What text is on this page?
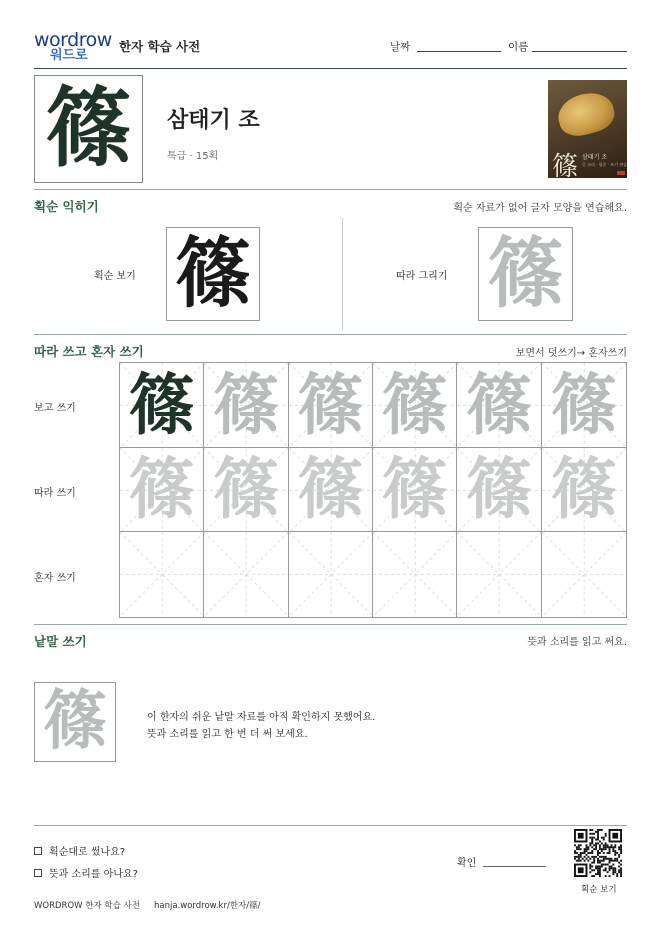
wordrow
워드로
한자 학습 사전	날짜	이름
篠 삼태기 조
특급 · 15획	篠 삼태기 조
뜻 소리 · 필순 · 쓰기 연습
획순 익히기	획순 자료가 없어 글자 모양을 연습해요.
획순 보기 篠	따라 그리기 篠
따라 쓰고 혼자 쓰기	보면서 덧쓰기→ 혼자쓰기
보고 쓰기
따라 쓰기
혼자 쓰기
篠 篠 篠 篠 篠 篠
篠 篠 篠 篠 篠 篠
낱말 쓰기	뜻과 소리를 읽고 써요.
篠	이 한자의 쉬운 낱말 자료를 아직 확인하지 못했어요.
뜻과 소리를 읽고 한 번 더 써 보세요.
획순대로 썼나요?
뜻과 소리를 아나요?
확인
획순 보기
WORDROW 한자 학습 사전 hanja.wordrow.kr/한자/篠/
